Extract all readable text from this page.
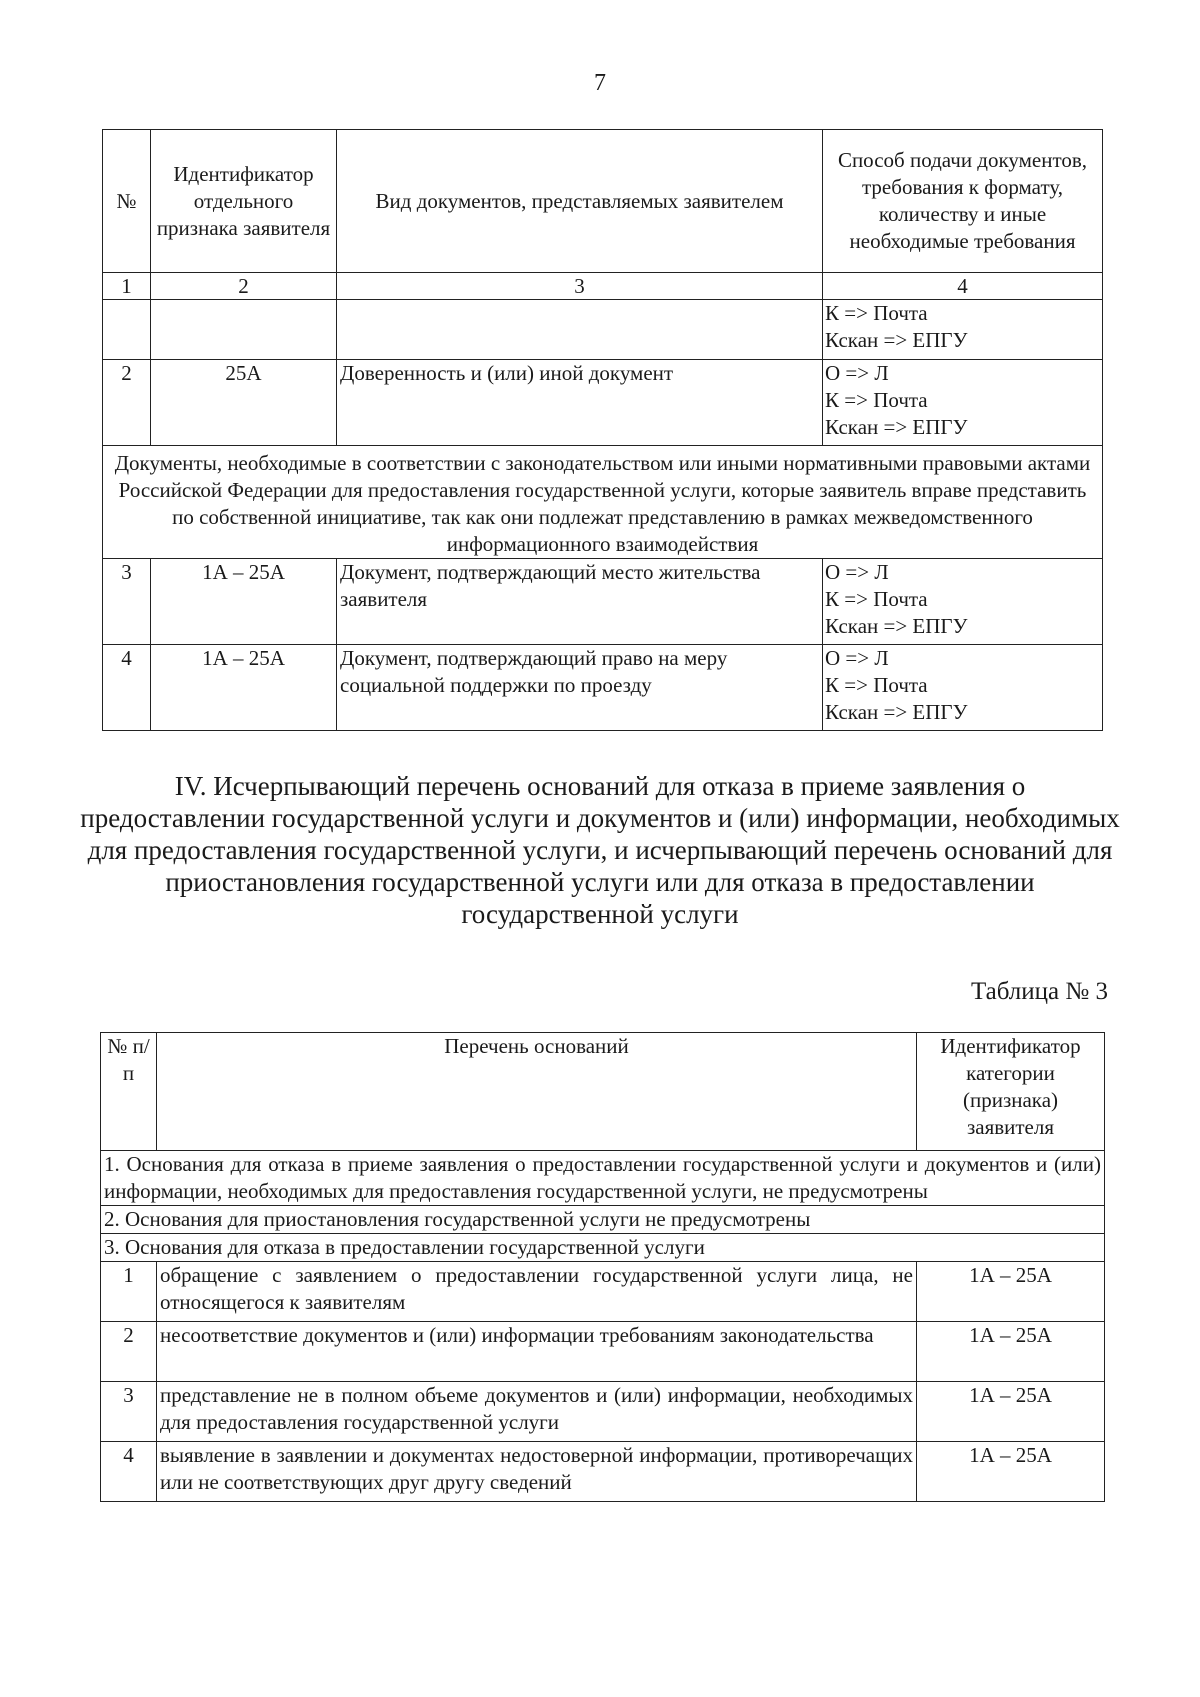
7
№	Идентификатор отдельного признака заявителя	Вид документов, представляемых заявителем	Способ подачи документов, требования к формату, количеству и иные необходимые требования
1	2	3	4

			К => Почта
Кскан => ЕПГУ

2	25А	Доверенность и (или) иной документ	О => Л
К => Почта
Кскан => ЕПГУ

Документы, необходимые в соответствии с законодательством или иными нормативными правовыми актами Российской Федерации для предоставления государственной услуги, которые заявитель вправе представить по собственной инициативе, так как они подлежат представлению в рамках межведомственного информационного взаимодействия			
3	1А – 25А	Документ, подтверждающий место жительства заявителя	О => Л
К => Почта
Кскан => ЕПГУ

4	1А – 25А	Документ, подтверждающий право на меру социальной поддержки по проезду	О => Л
К => Почта
Кскан => ЕПГУ
IV. Исчерпывающий перечень оснований для отказа в приеме заявления о предоставлении государственной услуги и документов и (или) информации, необходимых для предоставления государственной услуги, и исчерпывающий перечень оснований для приостановления государственной услуги или для отказа в предоставлении государственной услуги
Таблица № 3
№ п/п	Перечень оснований	Идентификатор категории (признака) заявителя
1. Основания для отказа в приеме заявления о предоставлении государственной услуги и документов и (или) информации, необходимых для предоставления государственной услуги, не предусмотрены		
2. Основания для приостановления государственной услуги не предусмотрены		
3. Основания для отказа в предоставлении государственной услуги		
1	обращение с заявлением о предоставлении государственной услуги лица, не относящегося к заявителям	1А – 25А
2	несоответствие документов и (или) информации требованиям законодательства	1А – 25А
3	представление не в полном объеме документов и (или) информации, необходимых для предоставления государственной услуги	1А – 25А
4	выявление в заявлении и документах недостоверной информации, противоречащих или не соответствующих друг другу сведений	1А – 25А
